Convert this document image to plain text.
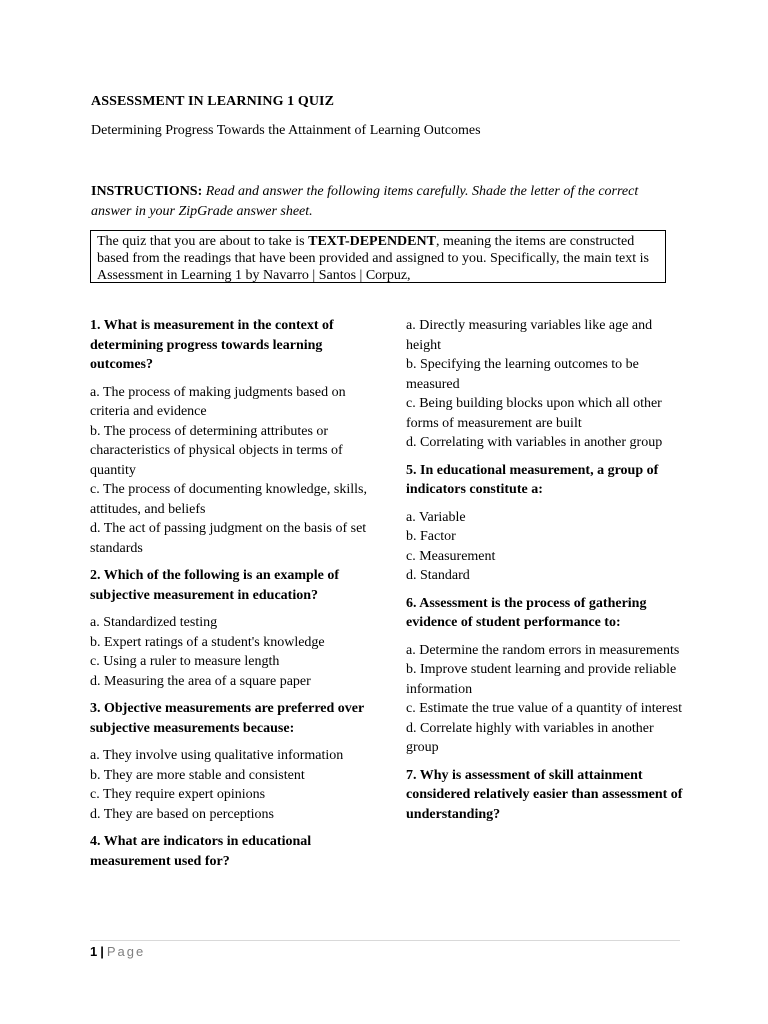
ASSESSMENT IN LEARNING 1 QUIZ
Determining Progress Towards the Attainment of Learning Outcomes
INSTRUCTIONS: Read and answer the following items carefully. Shade the letter of the correct answer in your ZipGrade answer sheet.
The quiz that you are about to take is TEXT-DEPENDENT, meaning the items are constructed based from the readings that have been provided and assigned to you. Specifically, the main text is Assessment in Learning 1 by Navarro | Santos | Corpuz,
1. What is measurement in the context of determining progress towards learning outcomes?
a. The process of making judgments based on criteria and evidence
b. The process of determining attributes or characteristics of physical objects in terms of quantity
c. The process of documenting knowledge, skills, attitudes, and beliefs
d. The act of passing judgment on the basis of set standards
2. Which of the following is an example of subjective measurement in education?
a. Standardized testing
b. Expert ratings of a student's knowledge
c. Using a ruler to measure length
d. Measuring the area of a square paper
3. Objective measurements are preferred over subjective measurements because:
a. They involve using qualitative information
b. They are more stable and consistent
c. They require expert opinions
d. They are based on perceptions
4. What are indicators in educational measurement used for?
a. Directly measuring variables like age and height
b. Specifying the learning outcomes to be measured
c. Being building blocks upon which all other forms of measurement are built
d. Correlating with variables in another group
5. In educational measurement, a group of indicators constitute a:
a. Variable
b. Factor
c. Measurement
d. Standard
6. Assessment is the process of gathering evidence of student performance to:
a. Determine the random errors in measurements
b. Improve student learning and provide reliable information
c. Estimate the true value of a quantity of interest
d. Correlate highly with variables in another group
7. Why is assessment of skill attainment considered relatively easier than assessment of understanding?
1 | Page
